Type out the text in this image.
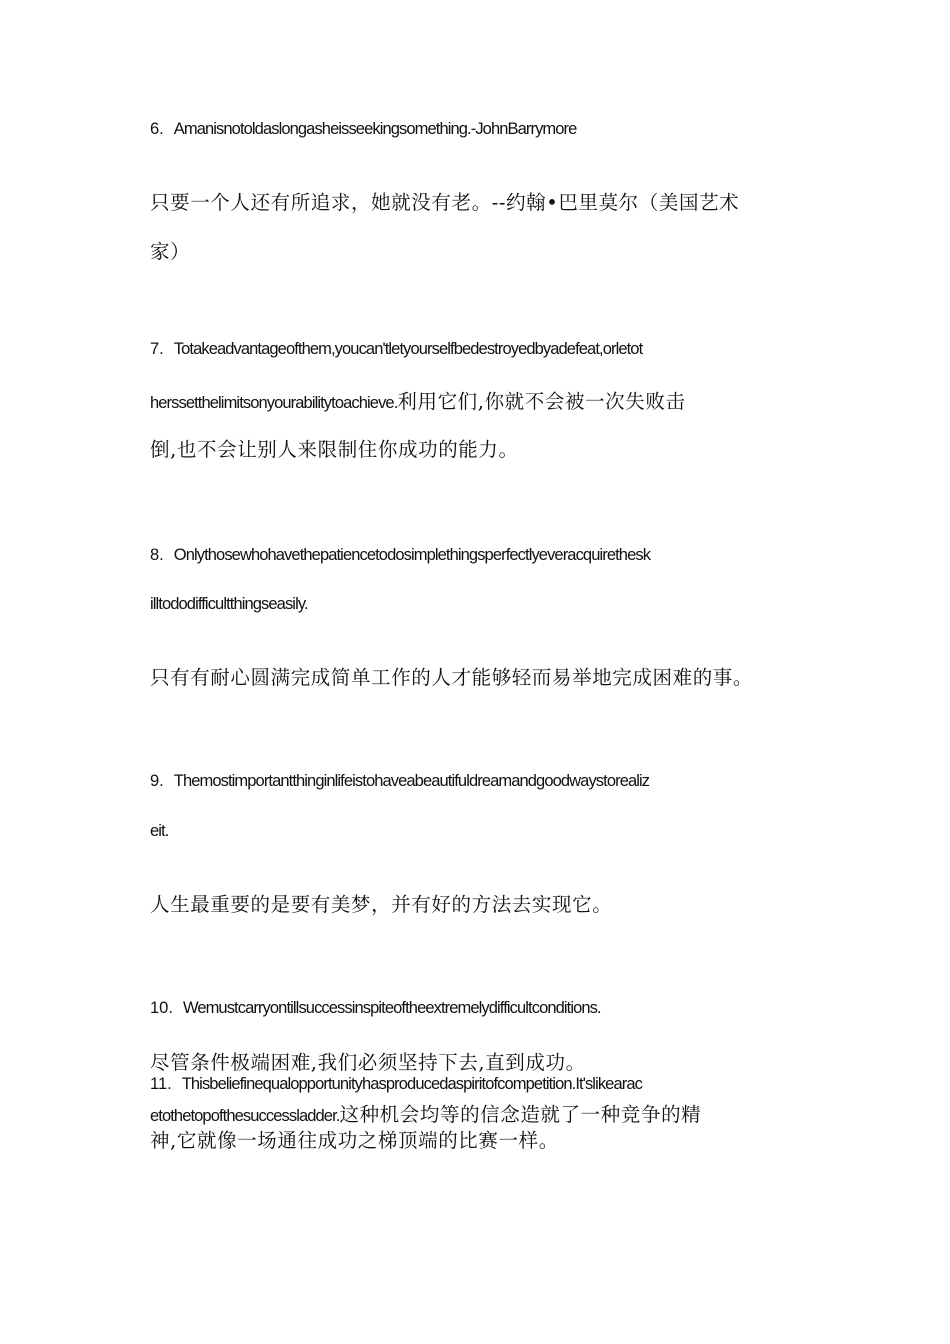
6. Amanisnotoldaslongasheisseekingsomething.-JohnBarrymore
只要一个人还有所追求，她就没有老。--约翰•巴里莫尔（美国艺术
家）
7. Totakeadvantageofthem,youcan'tletyourselfbedestroyedbyadefeat,orletot
herssetthelimitsonyourabilitytoachieve.利用它们,你就不会被一次失败击
倒,也不会让别人来限制住你成功的能力。
8. Onlythosewhohavethepatiencetodosimplethingsperfectlyeveracquirethesk
illtododifficultthingseasily.
只有有耐心圆满完成简单工作的人才能够轻而易举地完成困难的事。
9. Themostimportantthinginlifeistohaveabeautifuldreamandgoodwaystorealiz
eit.
人生最重要的是要有美梦，并有好的方法去实现它。
10. Wemustcarryontillsuccessinspiteoftheextremelydifficultconditions.
尽管条件极端困难,我们必须坚持下去,直到成功。
11. Thisbeliefinequalopportunityhasproducedaspiritofcompetition.It'slikearac
etothetopofthesuccessladder.这种机会均等的信念造就了一种竞争的精
神,它就像一场通往成功之梯顶端的比赛一样。
